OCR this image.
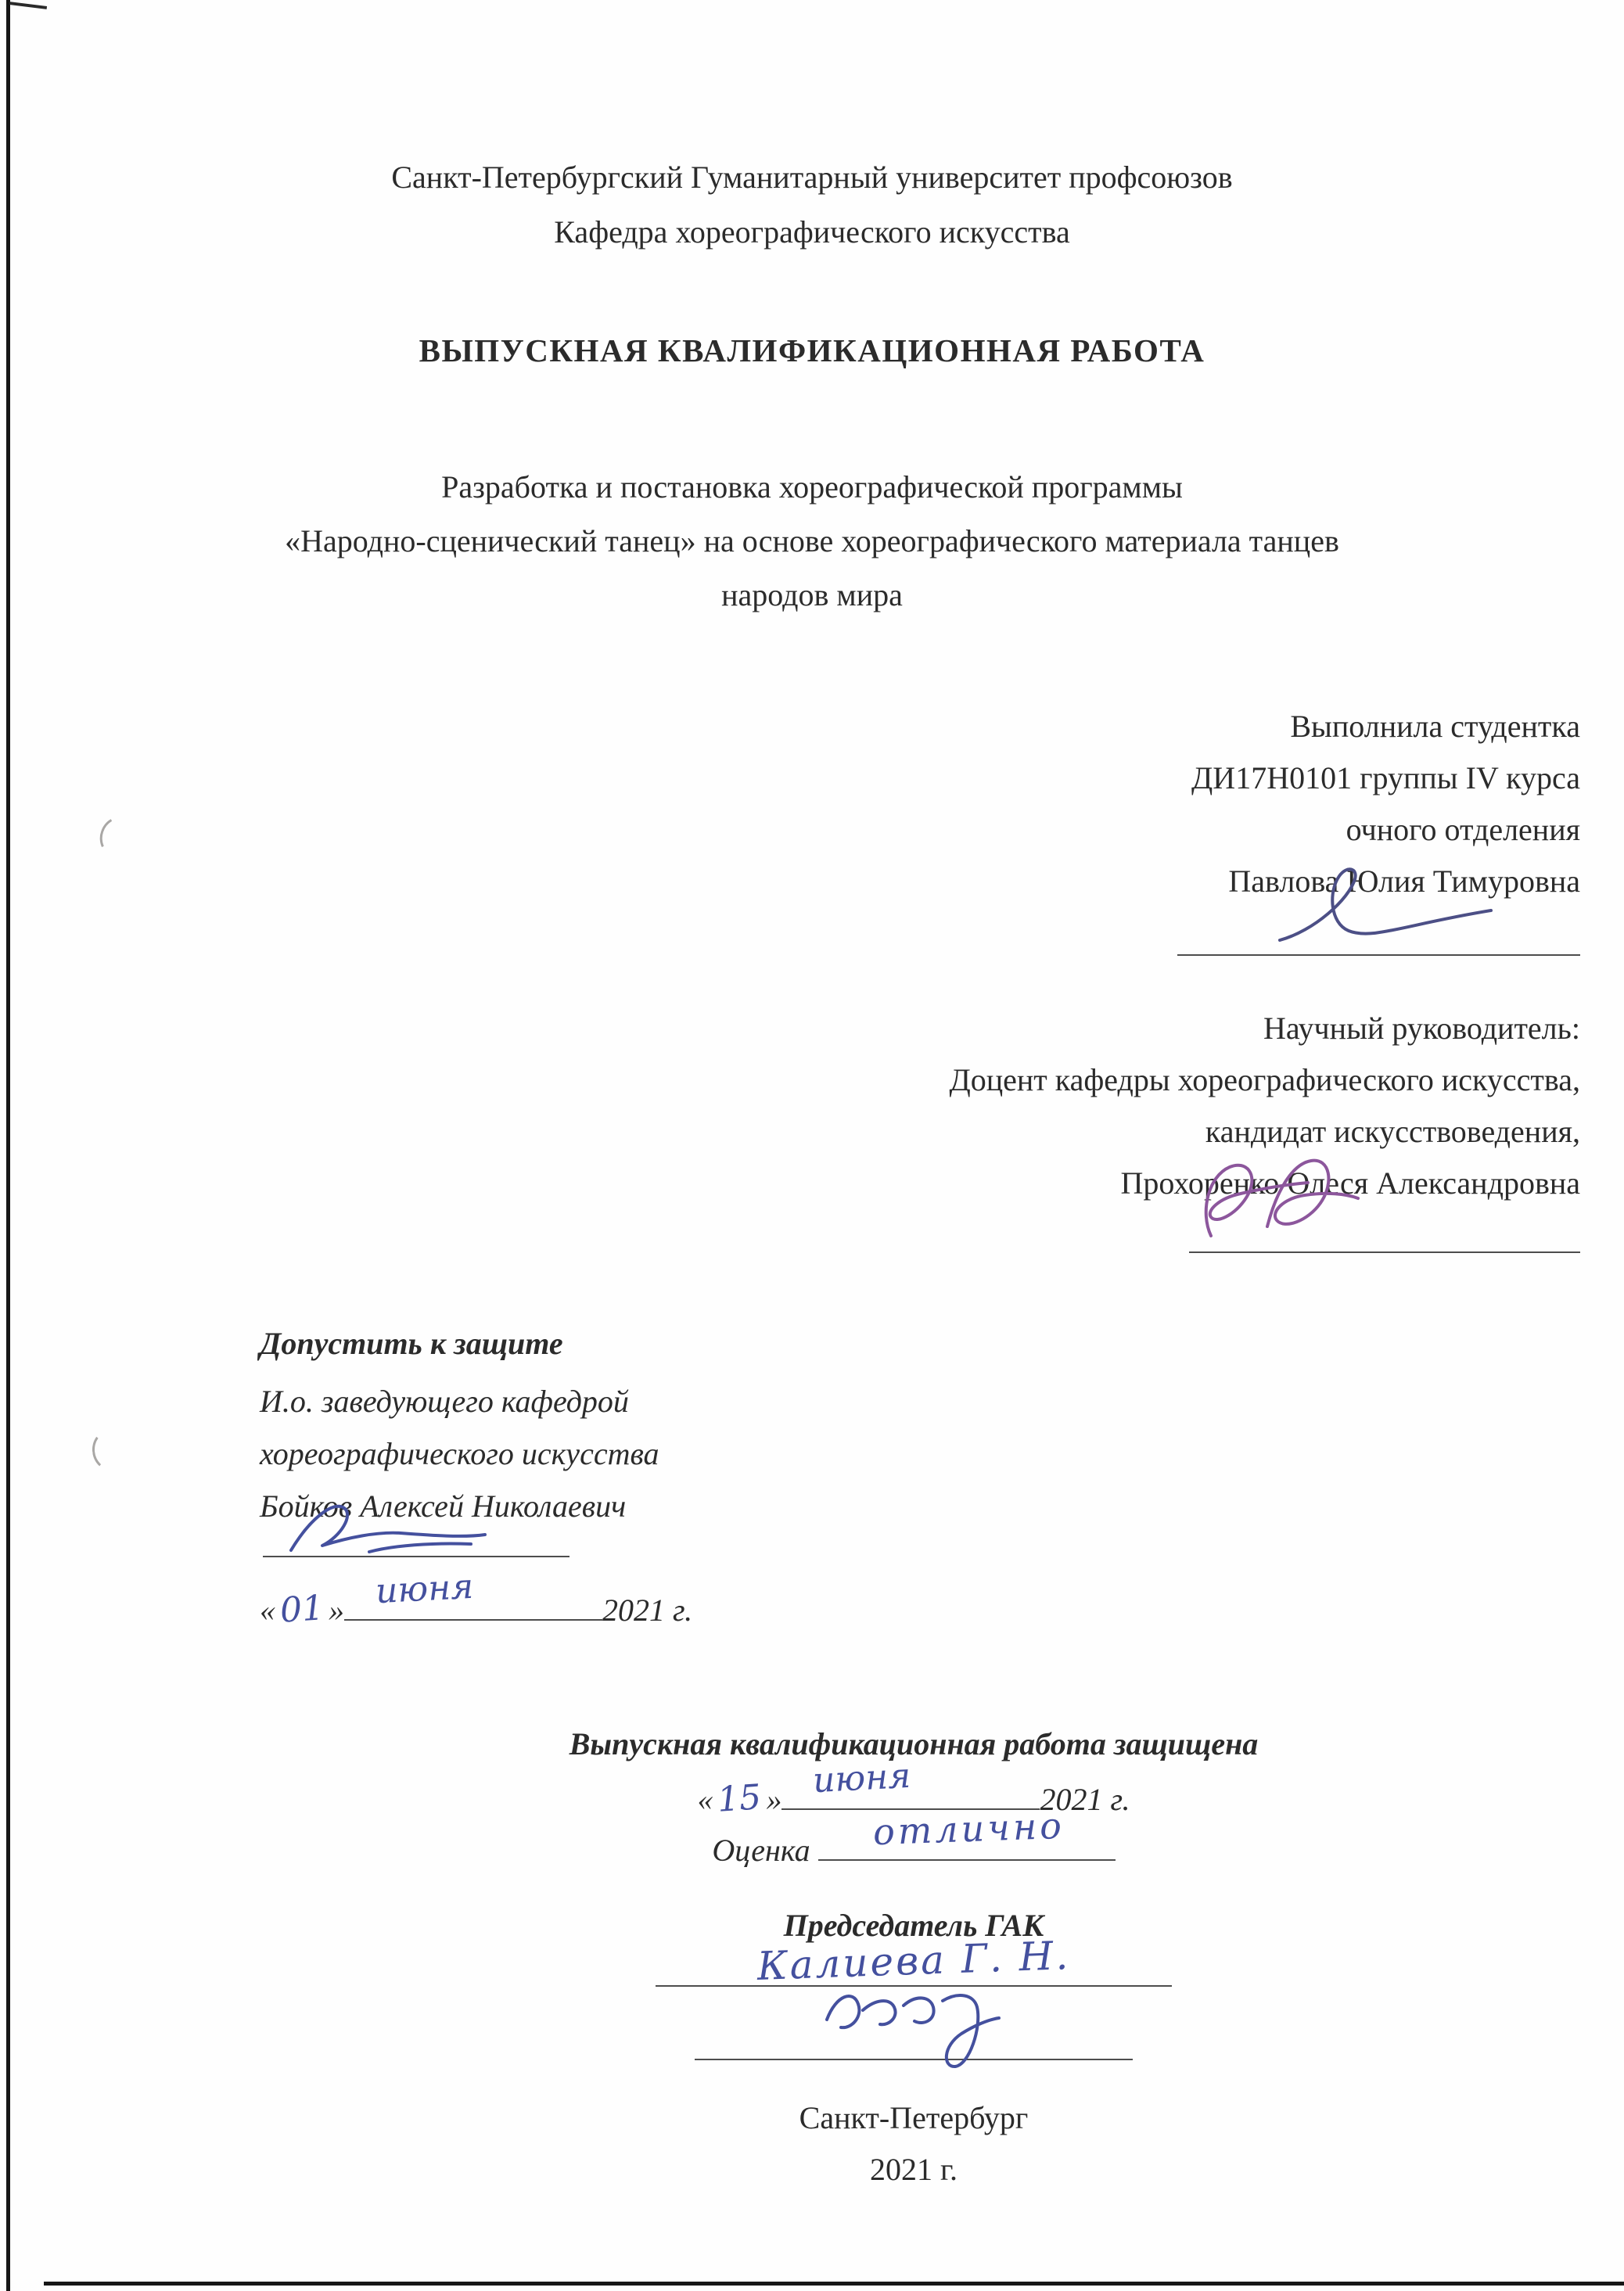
Санкт-Петербургский Гуманитарный университет профсоюзов
Кафедра хореографического искусства
ВЫПУСКНАЯ КВАЛИФИКАЦИОННАЯ РАБОТА
Разработка и постановка хореографической программы
«Народно-сценический танец» на основе хореографического материала танцев
народов мира
Выполнила студентка
ДИ17Н0101 группы IV курса
очного отделения
Павлова Юлия Тимуровна
Научный руководитель:
Доцент кафедры хореографического искусства,
кандидат искусствоведения,
Прохоренко Олеся Александровна
Допустить к защите
И.о. заведующего кафедрой
хореографического искусства
Бойков Алексей Николаевич
«01 » июня	2021 г.
Выпускная квалификационная работа защищена
«15 » июня	2021 г.
Оценка отлично
Председатель ГАК
Калиева Г. Н.
Санкт-Петербург
2021 г.
